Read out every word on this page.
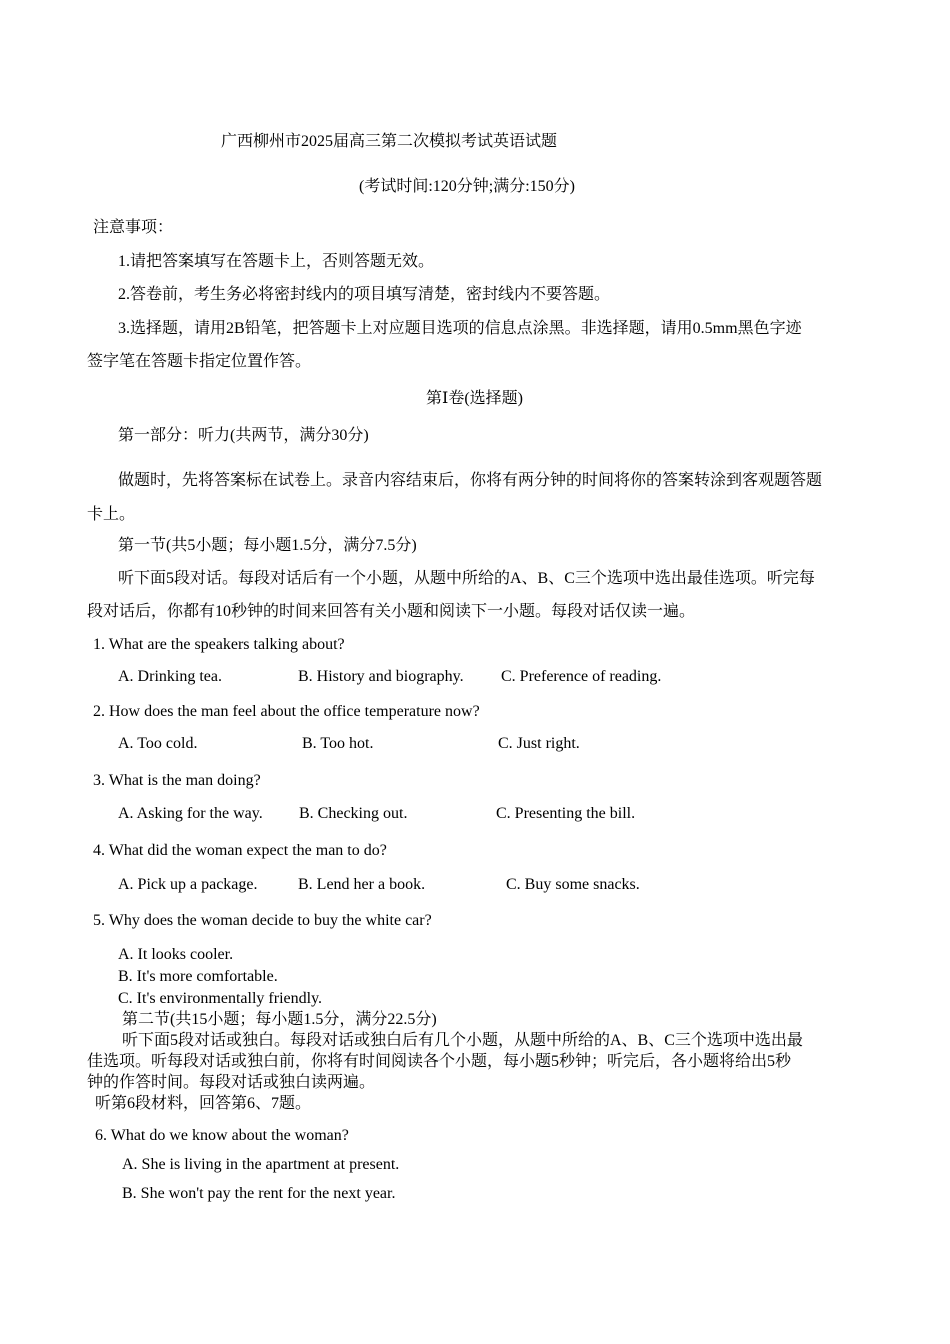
广西柳州市2025届高三第二次模拟考试英语试题
(考试时间:120分钟;满分:150分)
注意事项：
1.请把答案填写在答题卡上，否则答题无效。
2.答卷前，考生务必将密封线内的项目填写清楚，密封线内不要答题。
3.选择题，请用2B铅笔，把答题卡上对应题目选项的信息点涂黑。非选择题，请用0.5mm黑色字迹
签字笔在答题卡指定位置作答。
第Ⅰ卷(选择题)
第一部分：听力(共两节，满分30分)
做题时，先将答案标在试卷上。录音内容结束后，你将有两分钟的时间将你的答案转涂到客观题答题
卡上。
第一节(共5小题；每小题1.5分，满分7.5分)
听下面5段对话。每段对话后有一个小题，从题中所给的A、B、C三个选项中选出最佳选项。听完每
段对话后，你都有10秒钟的时间来回答有关小题和阅读下一小题。每段对话仅读一遍。
1. What are the speakers talking about?
A. Drinking tea.	B. History and biography. C. Preference of reading.
2. How does the man feel about the office temperature now?
A. Too cold.	B. Too hot.	C. Just right.
3. What is the man doing?
A. Asking for the way. B. Checking out.	C. Presenting the bill.
4. What did the woman expect the man to do?
A. Pick up a package.	B. Lend her a book.	C. Buy some snacks.
5. Why does the woman decide to buy the white car?
A. It looks cooler.
B. It's more comfortable.
C. It's environmentally friendly.
第二节(共15小题；每小题1.5分，满分22.5分)
听下面5段对话或独白。每段对话或独白后有几个小题，从题中所给的A、B、C三个选项中选出最
佳选项。听每段对话或独白前，你将有时间阅读各个小题，每小题5秒钟；听完后，各小题将给出5秒
钟的作答时间。每段对话或独白读两遍。
听第6段材料，回答第6、7题。
6. What do we know about the woman?
A. She is living in the apartment at present.
B. She won't pay the rent for the next year.
